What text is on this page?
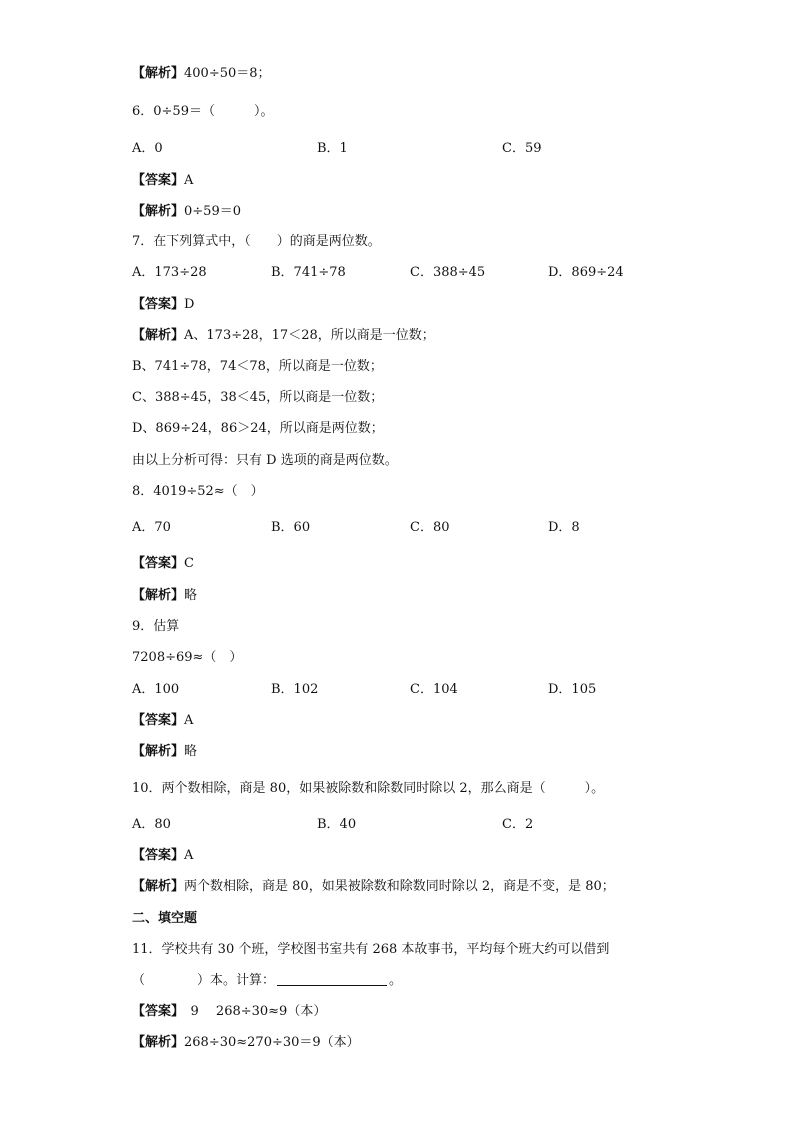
【解析】400÷50＝8；
6．0÷59＝（　　　）。
A．0	B．1	C．59
【答案】A
【解析】0÷59＝0
7．在下列算式中，（　　）的商是两位数。
A．173÷28	B．741÷78	C．388÷45	D．869÷24
【答案】D
【解析】A、173÷28，17＜28，所以商是一位数；
B、741÷78，74＜78，所以商是一位数；
C、388÷45，38＜45，所以商是一位数；
D、869÷24，86＞24，所以商是两位数；
由以上分析可得：只有 D 选项的商是两位数。
8．4019÷52≈（　）
A．70	B．60	C．80	D．8
【答案】C
【解析】略
9．估算
7208÷69≈（　）
A．100	B．102	C．104	D．105
【答案】A
【解析】略
10．两个数相除，商是 80，如果被除数和除数同时除以 2，那么商是（　　　）。
A．80	B．40	C．2
【答案】A
【解析】两个数相除，商是 80，如果被除数和除数同时除以 2，商是不变，是 80；
二、填空题
11．学校共有 30 个班，学校图书室共有 268 本故事书，平均每个班大约可以借到
（　　　　）本。计算：	。
【答案】　9　 268÷30≈9（本）
【解析】268÷30≈270÷30＝9（本）
